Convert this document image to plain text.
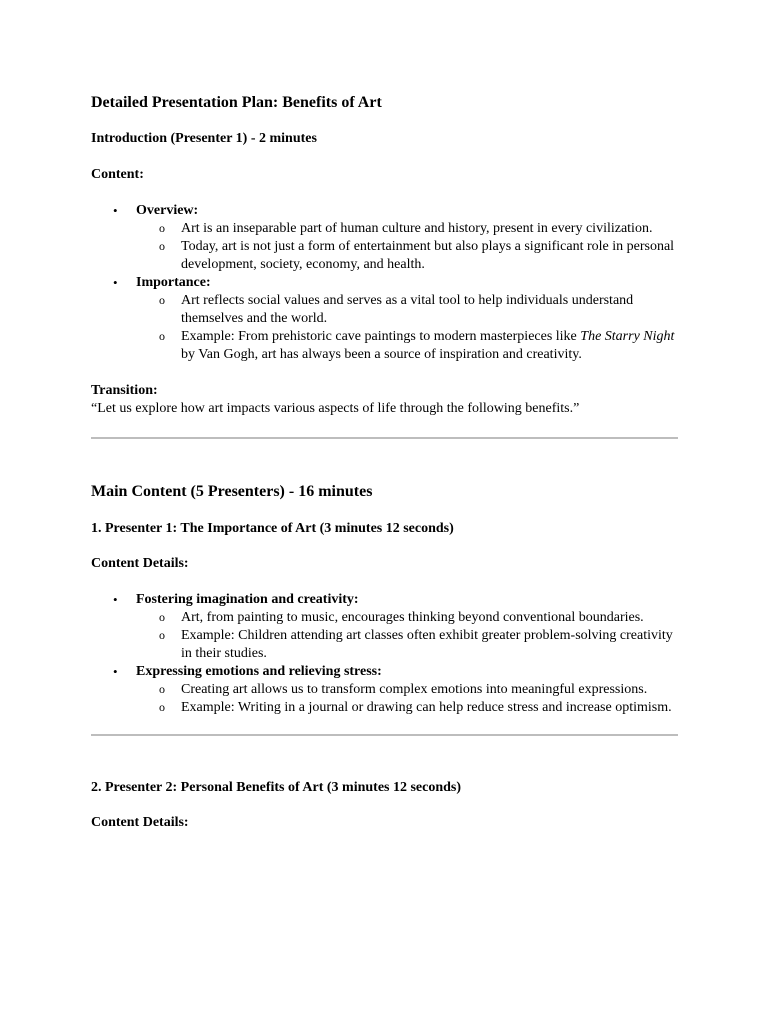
Detailed Presentation Plan: Benefits of Art

Introduction (Presenter 1) - 2 minutes

Content:

• Overview:
o Art is an inseparable part of human culture and history, present in every civilization.
o Today, art is not just a form of entertainment but also plays a significant role in personal development, society, economy, and health.
• Importance:
o Art reflects social values and serves as a vital tool to help individuals understand themselves and the world.
o Example: From prehistoric cave paintings to modern masterpieces like The Starry Night by Van Gogh, art has always been a source of inspiration and creativity.

Transition:

“Let us explore how art impacts various aspects of life through the following benefits.”

Main Content (5 Presenters) - 16 minutes

1. Presenter 1: The Importance of Art (3 minutes 12 seconds)

Content Details:

• Fostering imagination and creativity:
o Art, from painting to music, encourages thinking beyond conventional boundaries.
o Example: Children attending art classes often exhibit greater problem-solving creativity in their studies.
• Expressing emotions and relieving stress:
o Creating art allows us to transform complex emotions into meaningful expressions.
o Example: Writing in a journal or drawing can help reduce stress and increase optimism.

2. Presenter 2: Personal Benefits of Art (3 minutes 12 seconds)

Content Details:
